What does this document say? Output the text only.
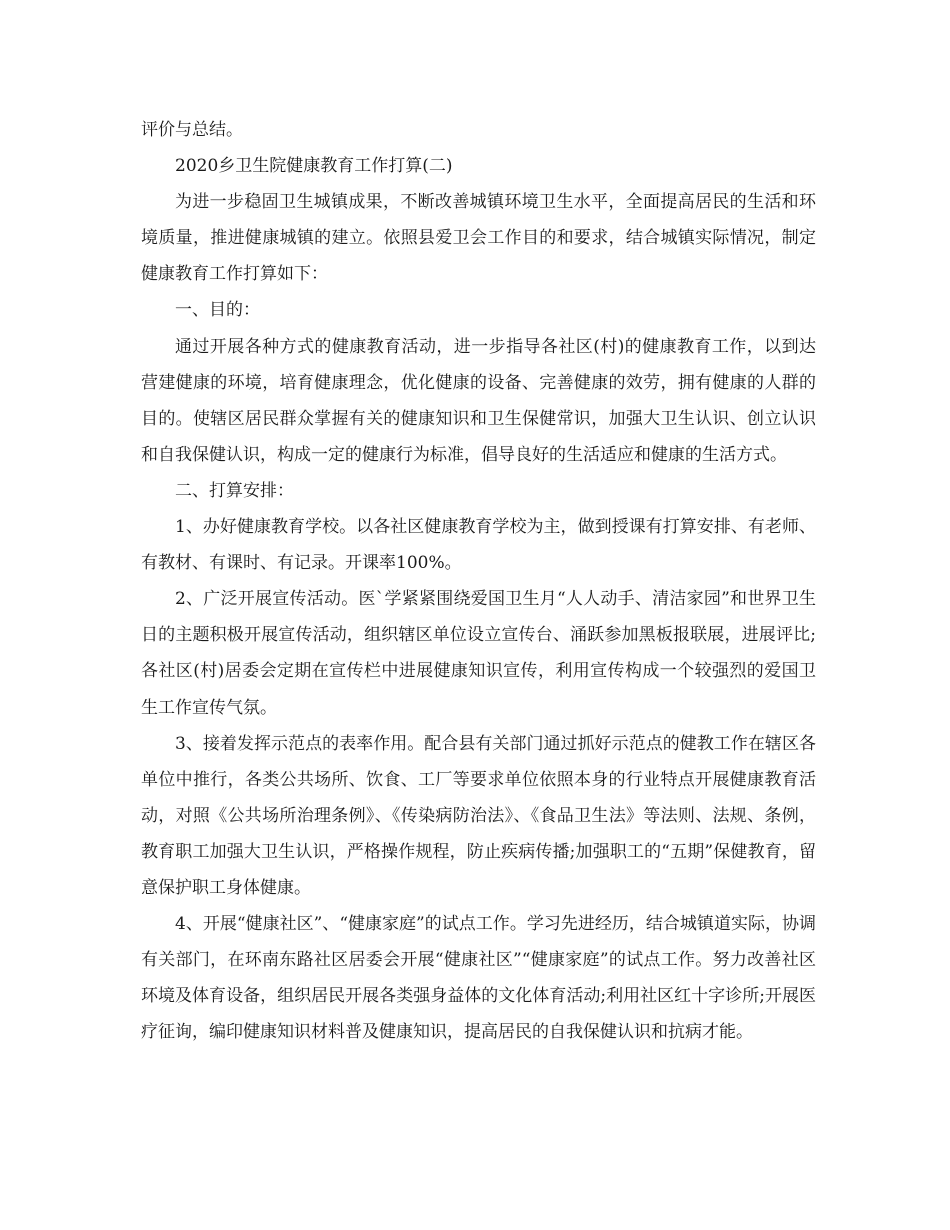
评价与总结。

2020乡卫生院健康教育工作打算(二)

为进一步稳固卫生城镇成果，不断改善城镇环境卫生水平，全面提高居民的生活和环境质量，推进健康城镇的建立。依照县爱卫会工作目的和要求，结合城镇实际情况，制定健康教育工作打算如下：

一、目的：

通过开展各种方式的健康教育活动，进一步指导各社区(村)的健康教育工作，以到达营建健康的环境，培育健康理念，优化健康的设备、完善健康的效劳，拥有健康的人群的目的。使辖区居民群众掌握有关的健康知识和卫生保健常识，加强大卫生认识、创立认识和自我保健认识，构成一定的健康行为标准，倡导良好的生活适应和健康的生活方式。

二、打算安排：

1、办好健康教育学校。以各社区健康教育学校为主，做到授课有打算安排、有老师、有教材、有课时、有记录。开课率100%。

2、广泛开展宣传活动。医`学紧紧围绕爱国卫生月“人人动手、清洁家园”和世界卫生日的主题积极开展宣传活动，组织辖区单位设立宣传台、涌跃参加黑板报联展，进展评比;各社区(村)居委会定期在宣传栏中进展健康知识宣传，利用宣传构成一个较强烈的爱国卫生工作宣传气氛。

3、接着发挥示范点的表率作用。配合县有关部门通过抓好示范点的健教工作在辖区各单位中推行，各类公共场所、饮食、工厂等要求单位依照本身的行业特点开展健康教育活动，对照《公共场所治理条例》、《传染病防治法》、《食品卫生法》等法则、法规、条例，教育职工加强大卫生认识，严格操作规程，防止疾病传播;加强职工的“五期”保健教育，留意保护职工身体健康。

4、开展“健康社区”、“健康家庭”的试点工作。学习先进经历，结合城镇道实际，协调有关部门，在环南东路社区居委会开展“健康社区”“健康家庭”的试点工作。努力改善社区环境及体育设备，组织居民开展各类强身益体的文化体育活动;利用社区红十字诊所;开展医疗征询，编印健康知识材料普及健康知识，提高居民的自我保健认识和抗病才能。
